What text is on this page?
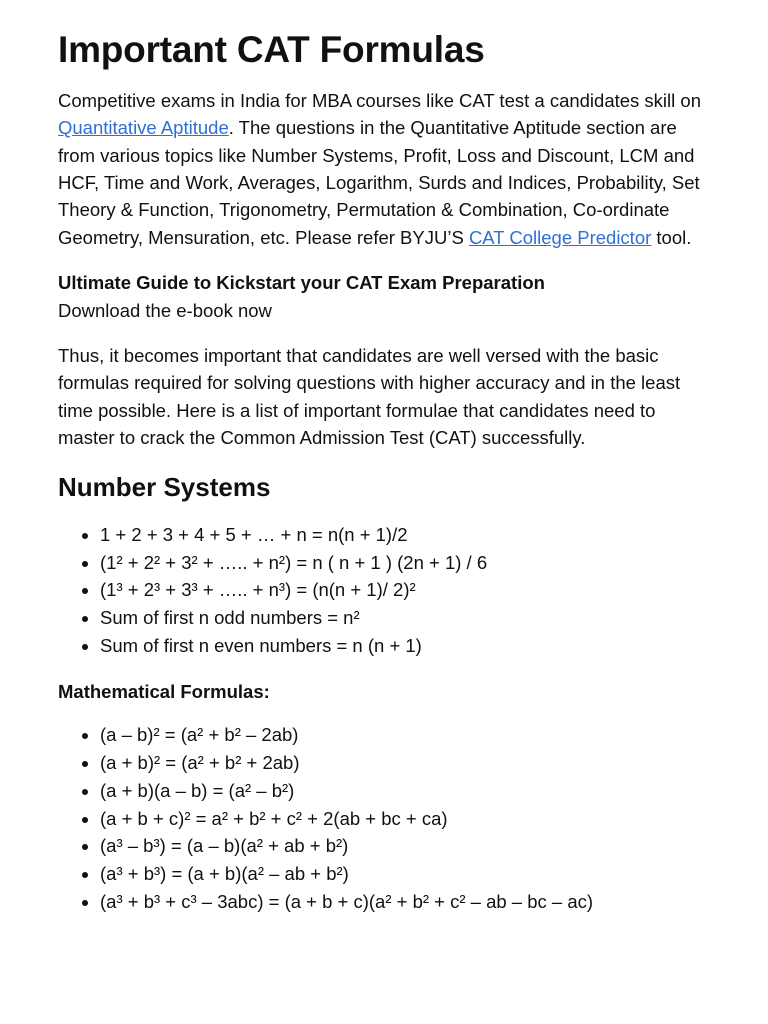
Important CAT Formulas

Competitive exams in India for MBA courses like CAT test a candidates skill on Quantitative Aptitude. The questions in the Quantitative Aptitude section are from various topics like Number Systems, Profit, Loss and Discount, LCM and HCF, Time and Work, Averages, Logarithm, Surds and Indices, Probability, Set Theory & Function, Trigonometry, Permutation & Combination, Co-ordinate Geometry, Mensuration, etc. Please refer BYJU’S CAT College Predictor tool.

Ultimate Guide to Kickstart your CAT Exam Preparation

Download the e-book now

Thus, it becomes important that candidates are well versed with the basic formulas required for solving questions with higher accuracy and in the least time possible. Here is a list of important formulae that candidates need to master to crack the Common Admission Test (CAT) successfully.

Number Systems
• 1 + 2 + 3 + 4 + 5 + … + n = n(n + 1)/2
• (1² + 2² + 3² + ….. + n²) = n ( n + 1 ) (2n + 1) / 6
• (1³ + 2³ + 3³ + ….. + n³) = (n(n + 1)/ 2)²
• Sum of first n odd numbers = n²
• Sum of first n even numbers = n (n + 1)
Mathematical Formulas:
• (a – b)² = (a² + b² – 2ab)
• (a + b)² = (a² + b² + 2ab)
• (a + b)(a – b) = (a² – b²)
• (a + b + c)² = a² + b² + c² + 2(ab + bc + ca)
• (a³ – b³) = (a – b)(a² + ab + b²)
• (a³ + b³) = (a + b)(a² – ab + b²)
• (a³ + b³ + c³ – 3abc) = (a + b + c)(a² + b² + c² – ab – bc – ac)
